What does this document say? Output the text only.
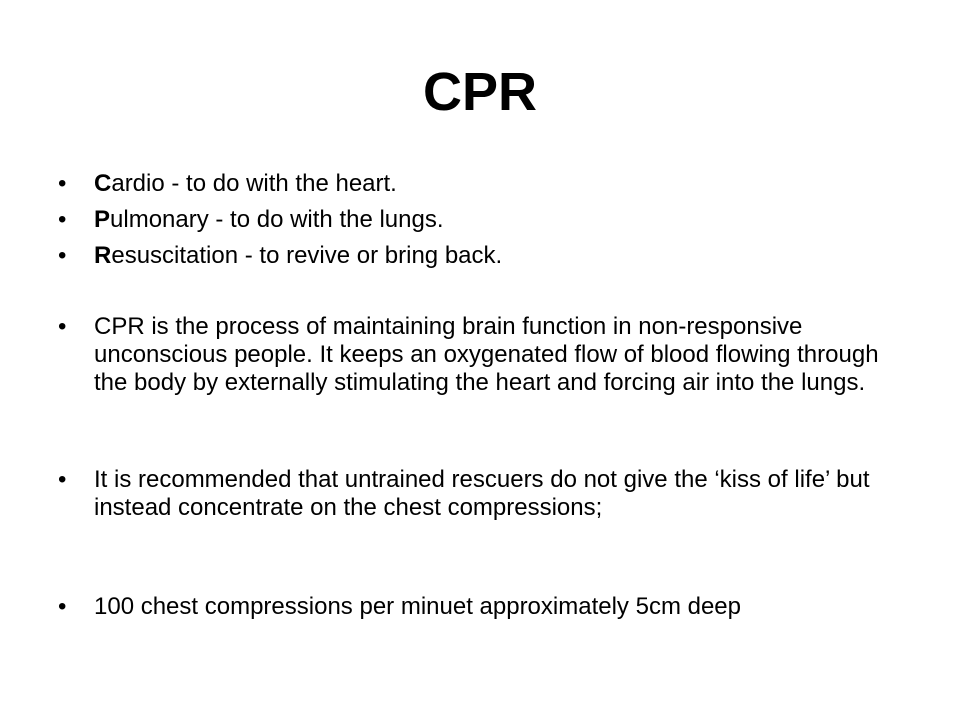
CPR
•	Cardio - to do with the heart.
•	Pulmonary - to do with the lungs.
•	Resuscitation - to revive or bring back.
•	CPR is the process of maintaining brain function in non-responsive unconscious people. It keeps an oxygenated flow of blood flowing through the body by externally stimulating the heart and forcing air into the lungs.
•	It is recommended that untrained rescuers do not give the ‘kiss of life’ but instead concentrate on the chest compressions;
•	100 chest compressions per minuet approximately 5cm deep
